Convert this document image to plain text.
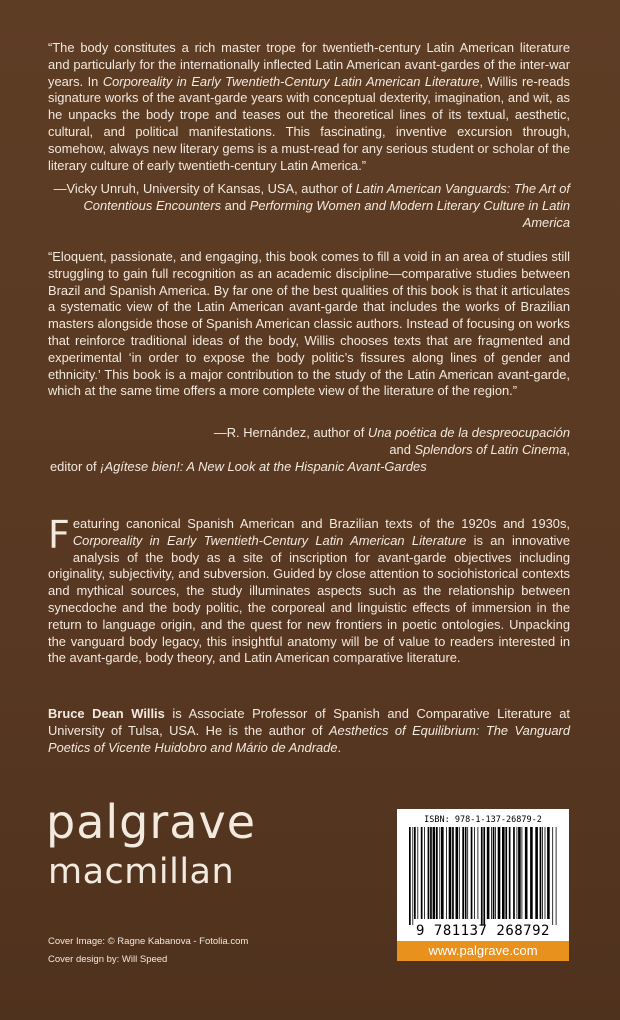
“The body constitutes a rich master trope for twentieth-century Latin American literature and particularly for the internationally inflected Latin American avant-gardes of the inter-war years. In Corporeality in Early Twentieth-Century Latin American Literature, Willis re-reads signature works of the avant-garde years with conceptual dexterity, imagination, and wit, as he unpacks the body trope and teases out the theoretical lines of its textual, aesthetic, cultural, and political manifestations. This fascinating, inventive excursion through, somehow, always new literary gems is a must-read for any serious student or scholar of the literary culture of early twentieth-century Latin America.”

—Vicky Unruh, University of Kansas, USA, author of Latin American Vanguards: The Art of Contentious Encounters and Performing Women and Modern Literary Culture in Latin America

“Eloquent, passionate, and engaging, this book comes to fill a void in an area of studies still struggling to gain full recognition as an academic discipline—comparative studies between Brazil and Spanish America. By far one of the best qualities of this book is that it articulates a systematic view of the Latin American avant-garde that includes the works of Brazilian masters alongside those of Spanish American classic authors. Instead of focusing on works that reinforce traditional ideas of the body, Willis chooses texts that are fragmented and experimental ‘in order to expose the body politic’s fissures along lines of gender and ethnicity.’ This book is a major contribution to the study of the Latin American avant-garde, which at the same time offers a more complete view of the literature of the region.”

—R. Hernández, author of Una poética de la despreocupación

and Splendors of Latin Cinema,

editor of ¡Agítese bien!: A New Look at the Hispanic Avant-Gardes

Featuring canonical Spanish American and Brazilian texts of the 1920s and 1930s, Corporeality in Early Twentieth-Century Latin American Literature is an innovative analysis of the body as a site of inscription for avant-garde objectives including originality, subjectivity, and subversion. Guided by close attention to sociohistorical contexts and mythical sources, the study illuminates aspects such as the relationship between synecdoche and the body politic, the corporeal and linguistic effects of immersion in the return to language origin, and the quest for new frontiers in poetic ontologies. Unpacking the vanguard body legacy, this insightful anatomy will be of value to readers interested in the avant-garde, body theory, and Latin American comparative literature.

Bruce Dean Willis is Associate Professor of Spanish and Comparative Literature at University of Tulsa, USA. He is the author of Aesthetics of Equilibrium: The Vanguard Poetics of Vicente Huidobro and Mário de Andrade.

palgrave
macmillan
Cover Image: © Ragne Kabanova - Fotolia.com
Cover design by: Will Speed
ISBN: 978-1-137-26879-2
9 781137 268792
www.palgrave.com
